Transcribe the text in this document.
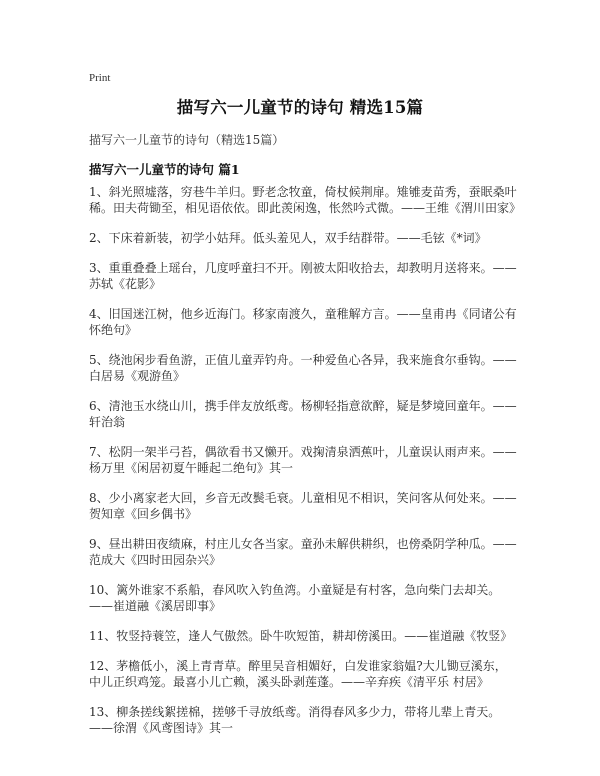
Print
描写六一儿童节的诗句 精选15篇
描写六一儿童节的诗句（精选15篇）
描写六一儿童节的诗句 篇1

1、斜光照墟落，穷巷牛羊归。野老念牧童，倚杖候荆扉。雉雊麦苗秀，蚕眠桑叶稀。田夫荷锄至，相见语依依。即此羡闲逸，怅然吟式微。——王维《渭川田家》

2、下床着新装，初学小姑拜。低头羞见人，双手结群带。——毛铉《*词》

3、重重叠叠上瑶台，几度呼童扫不开。刚被太阳收拾去，却教明月送将来。——苏轼《花影》

4、旧国迷江树，他乡近海门。移家南渡久，童稚解方言。——皇甫冉《同诸公有怀绝句》

5、绕池闲步看鱼游，正值儿童弄钓舟。一种爱鱼心各异，我来施食尔垂钩。——白居易《观游鱼》

6、清池玉水绕山川，携手伴友放纸鸢。杨柳轻指意欲醉，疑是梦境回童年。——轩治翁

7、松阴一架半弓苔，偶欲看书又懒开。戏掬清泉洒蕉叶，儿童误认雨声来。——杨万里《闲居初夏午睡起二绝句》其一

8、少小离家老大回，乡音无改鬓毛衰。儿童相见不相识，笑问客从何处来。——贺知章《回乡偶书》

9、昼出耕田夜绩麻，村庄儿女各当家。童孙未解供耕织，也傍桑阴学种瓜。——范成大《四时田园杂兴》

10、篱外谁家不系船，春风吹入钓鱼湾。小童疑是有村客，急向柴门去却关。——崔道融《溪居即事》

11、牧竖持蓑笠，逢人气傲然。卧牛吹短笛，耕却傍溪田。——崔道融《牧竖》

12、茅檐低小，溪上青青草。醉里吴音相媚好，白发谁家翁媪?大儿锄豆溪东，中儿正织鸡笼。最喜小儿亡赖，溪头卧剥莲蓬。——辛弃疾《清平乐 村居》

13、柳条搓线絮搓棉，搓够千寻放纸鸢。消得春风多少力，带将儿辈上青天。——徐渭《风鸢图诗》其一
